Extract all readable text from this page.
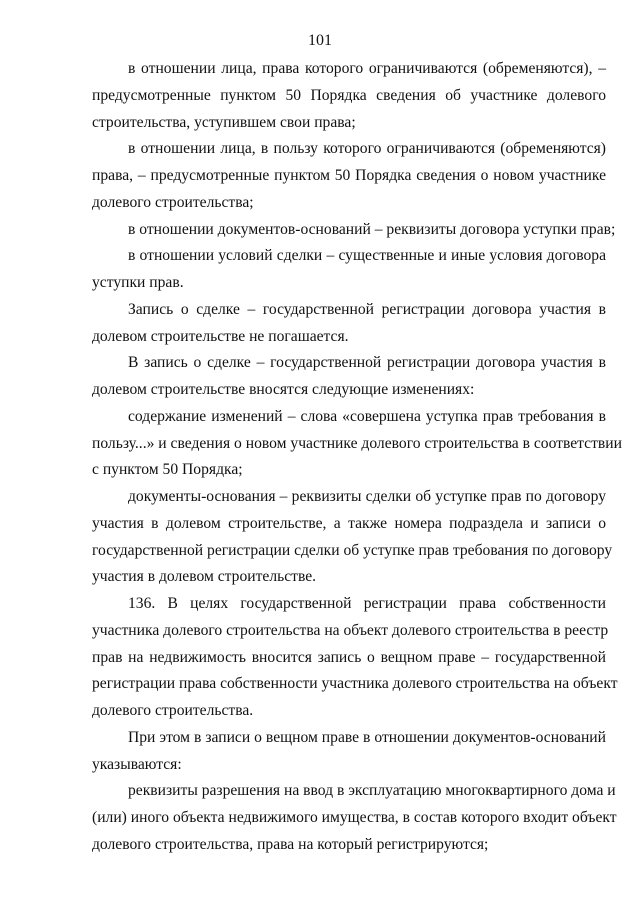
101
в отношении лица, права которого ограничиваются (обременяются), –
предусмотренные пунктом 50 Порядка сведения об участнике долевого
строительства, уступившем свои права;
в отношении лица, в пользу которого ограничиваются (обременяются)
права, – предусмотренные пунктом 50 Порядка сведения о новом участнике
долевого строительства;
в отношении документов-оснований – реквизиты договора уступки прав;
в отношении условий сделки – существенные и иные условия договора
уступки прав.
Запись о сделке – государственной регистрации договора участия в
долевом строительстве не погашается.
В запись о сделке – государственной регистрации договора участия в
долевом строительстве вносятся следующие изменениях:
содержание изменений – слова «совершена уступка прав требования в
пользу...» и сведения о новом участнике долевого строительства в соответствии
с пунктом 50 Порядка;
документы-основания – реквизиты сделки об уступке прав по договору
участия в долевом строительстве, а также номера подраздела и записи о
государственной регистрации сделки об уступке прав требования по договору
участия в долевом строительстве.
136. В целях государственной регистрации права собственности
участника долевого строительства на объект долевого строительства в реестр
прав на недвижимость вносится запись о вещном праве – государственной
регистрации права собственности участника долевого строительства на объект
долевого строительства.
При этом в записи о вещном праве в отношении документов-оснований
указываются:
реквизиты разрешения на ввод в эксплуатацию многоквартирного дома и
(или) иного объекта недвижимого имущества, в состав которого входит объект
долевого строительства, права на который регистрируются;
